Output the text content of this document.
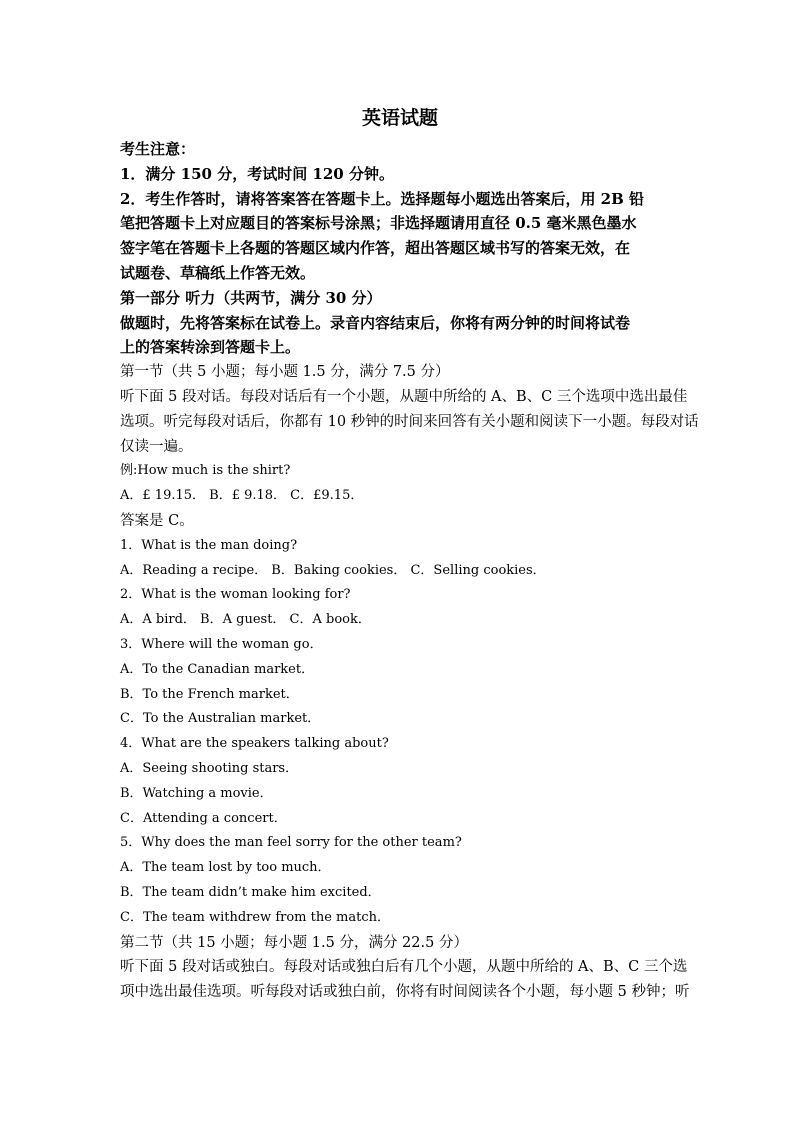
英语试题
考生注意：
1．满分 150 分，考试时间 120 分钟。
2．考生作答时，请将答案答在答题卡上。选择题每小题选出答案后，用 2B 铅
笔把答题卡上对应题目的答案标号涂黑；非选择题请用直径 0.5 毫米黑色墨水
签字笔在答题卡上各题的答题区域内作答，超出答题区域书写的答案无效，在
试题卷、草稿纸上作答无效。
第一部分 听力（共两节，满分 30 分）
做题时，先将答案标在试卷上。录音内容结束后，你将有两分钟的时间将试卷
上的答案转涂到答题卡上。
第一节（共 5 小题；每小题 1.5 分，满分 7.5 分）
听下面 5 段对话。每段对话后有一个小题，从题中所给的 A、B、C 三个选项中选出最佳
选项。听完每段对话后，你都有 10 秒钟的时间来回答有关小题和阅读下一小题。每段对话
仅读一遍。
例:How much is the shirt?
A．£ 19.15． B．£ 9.18． C．£9.15．
答案是 C。
1．What is the man doing?
A．Reading a recipe． B．Baking cookies． C．Selling cookies．
2．What is the woman looking for?
A．A bird． B．A guest． C．A book．
3．Where will the woman go．
A．To the Canadian market．
B．To the French market．
C．To the Australian market．
4．What are the speakers talking about?
A．Seeing shooting stars．
B．Watching a movie．
C．Attending a concert．
5．Why does the man feel sorry for the other team?
A．The team lost by too much．
B．The team didn’t make him excited．
C．The team withdrew from the match．
第二节（共 15 小题；每小题 1.5 分，满分 22.5 分）
听下面 5 段对话或独白。每段对话或独白后有几个小题，从题中所给的 A、B、C 三个选
项中选出最佳选项。听每段对话或独白前，你将有时间阅读各个小题，每小题 5 秒钟；听
